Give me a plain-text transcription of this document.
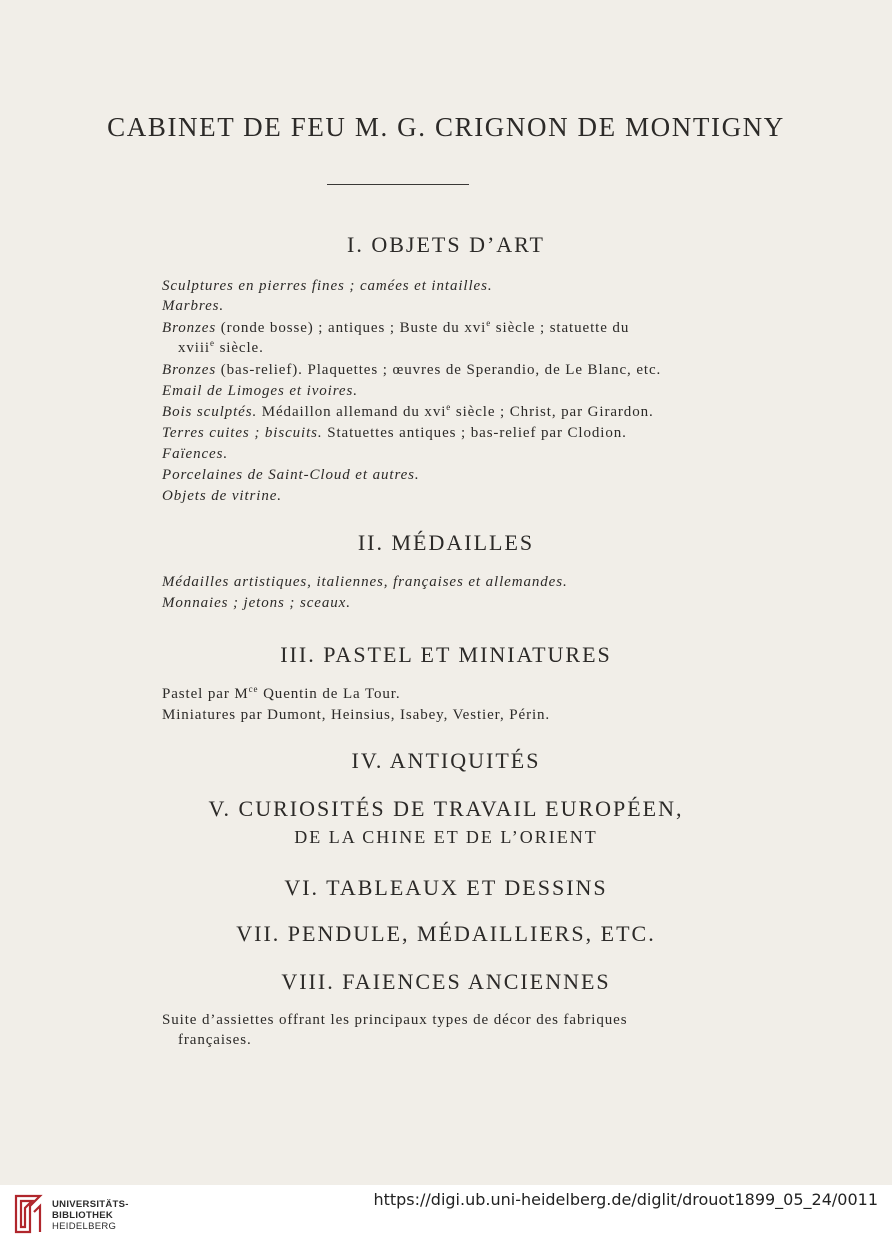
CABINET DE FEU M. G. CRIGNON DE MONTIGNY
I. OBJETS D’ART
Sculptures en pierres fines ; camées et intailles.
Marbres.
Bronzes (ronde bosse) ; antiques ; Buste du xvi$^e$ siècle ; statuette du
xviii$^e$ siècle.
Bronzes (bas-relief). Plaquettes ; œuvres de Sperandio, de Le Blanc, etc.
Email de Limoges et ivoires.
Bois sculptés. Médaillon allemand du xvi$^e$ siècle ; Christ, par Girardon.
Terres cuites ; biscuits. Statuettes antiques ; bas-relief par Clodion.
Faïences.
Porcelaines de Saint-Cloud et autres.
Objets de vitrine.
II. MÉDAILLES
Médailles artistiques, italiennes, françaises et allemandes.
Monnaies ; jetons ; sceaux.
III. PASTEL ET MINIATURES
Pastel par $M^{ce}$ Quentin de La Tour.
Miniatures par Dumont, Heinsius, Isabey, Vestier, Périn.
IV. ANTIQUITÉS
V. CURIOSITÉS DE TRAVAIL EUROPÉEN,
DE LA CHINE ET DE L’ORIENT
VI. TABLEAUX ET DESSINS
VII. PENDULE, MÉDAILLIERS, ETC.
VIII. FAIENCES ANCIENNES
Suite d’assiettes offrant les principaux types de décor des fabriques
françaises.
UNIVERSITÄTS-
BIBLIOTHEK
HEIDELBERG
https://digi.ub.uni-heidelberg.de/diglit/drouot1899_05_24/0011
